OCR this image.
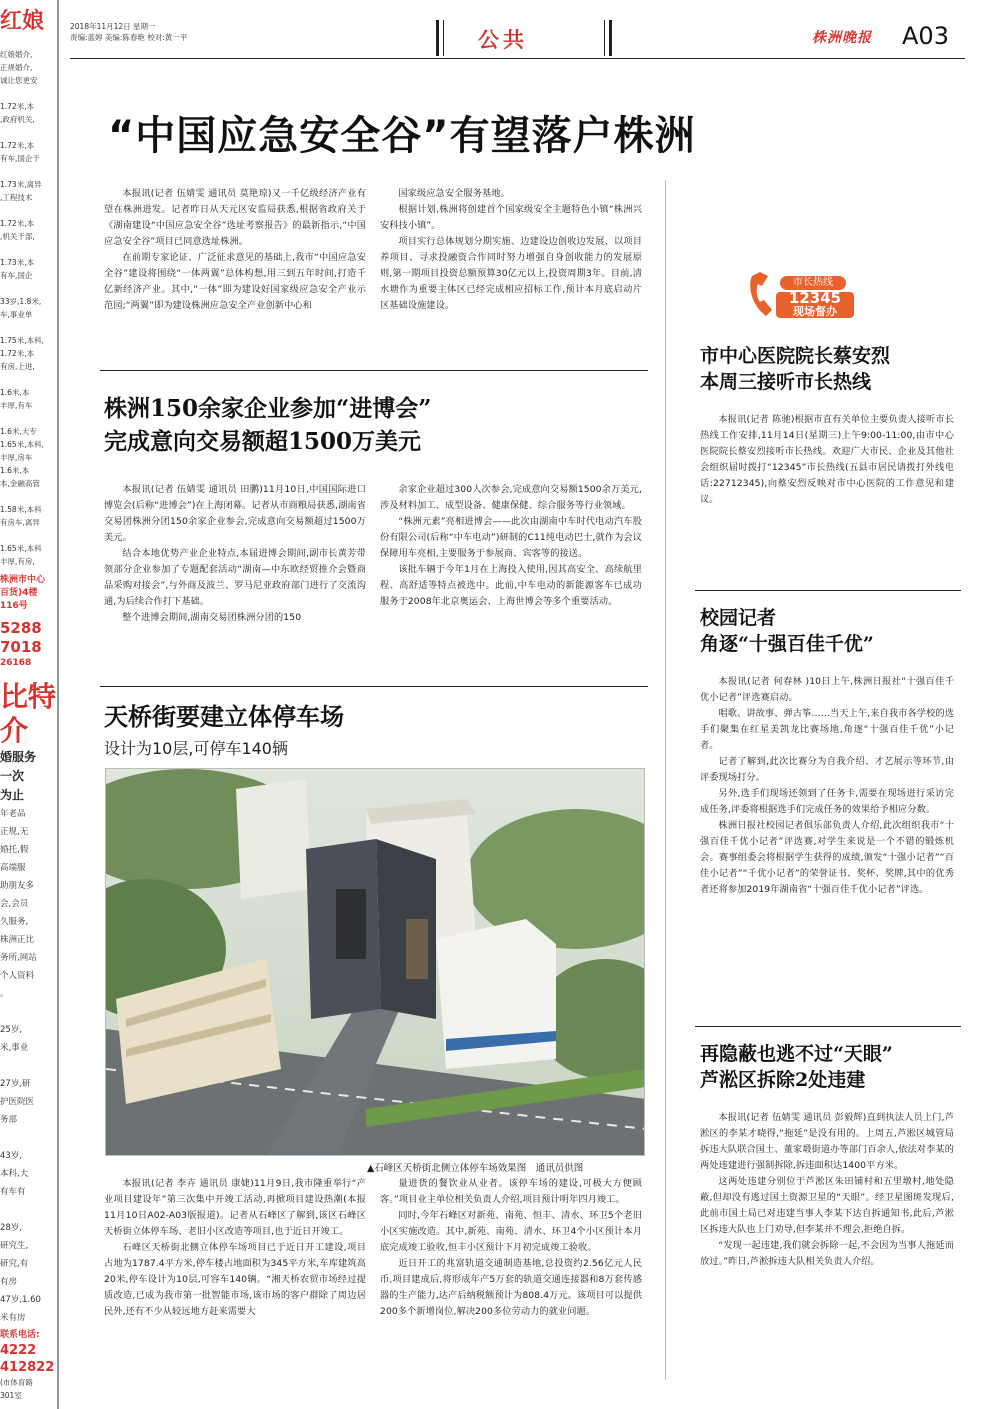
红娘
红娘婚介,
正规婚介,
诚让您更安

1.72米,本
,政府机关,

1.72米,本
有车,国企干

1.73米,离异
,工程技术

1.72米,本
,机关干部,

1.73米,本
有车,国企

33岁,1.8米,
车,事业单

1.75米,本科,
1.72米,本
有房,上进,

1.6米,本
丰厚,有车

1.6米,大专
1.65米,本科,
丰厚,房车
1.6米,本
本,金融高管

1.58米,本科
有房车,离异

1.65米,本科
丰厚,有房,
株洲市中心
百货)4楼
116号
5288
7018
26168
比特
介
婚服务
一次
为止
年老品
正规,无
婚托,假
高端服
助朋友多
会,会员
久服务,
株洲正比
务所,网站
个人资料
。

25岁,
米,事业

27岁,研
护医院医
务部

43岁,
本科,大
有车有

28岁,
研究生,
研究,有
有房
47岁,1.60
米有房
联系电话:
4222
412822
(市体育路
301室
2018年11月12日 星期一
责编:蓝婷 美编:陈春艳 校对:黄一平	公共	株洲晚报 A03
“中国应急安全谷”有望落户株洲

本报讯(记者 伍婧雯 通讯员 莫艳琼)又一千亿级经济产业有望在株洲进发。记者昨日从天元区安监局获悉,根据省政府关于《湖南建设“中国应急安全谷”选址考察报告》的最新指示,“中国应急安全谷”项目已同意选址株洲。

在前期专家论证、广泛征求意见的基础上,我市“中国应急安全谷”建设将围绕“一体两翼”总体构想,用三到五年时间,打造千亿新经济产业。其中,“一体”即为建设好国家级应急安全产业示范园;“两翼”即为建设株洲应急安全产业创新中心和

国家级应急安全服务基地。

根据计划,株洲将创建首个国家级安全主题特色小镇“株洲兴安科技小镇”。

项目实行总体规划分期实施、边建设边创收边发展、以项目养项目、寻求投融资合作同时努力增强自身创收能力的发展原则,第一期项目投资总额预算30亿元以上,投资周期3年。目前,清水塘作为重要主体区已经完成相应招标工作,预计本月底启动片区基础设施建设。

株洲150余家企业参加“进博会”
完成意向交易额超1500万美元

本报讯(记者 伍婧雯 通讯员 田鹏)11月10日,中国国际进口博览会(后称“进博会”)在上海闭幕。记者从市商粮局获悉,湖南省交易团株洲分团150余家企业参会,完成意向交易额超过1500万美元。

结合本地优势产业企业特点,本届进博会期间,副市长黄芳带领部分企业参加了专题配套活动“湖南—中东欧经贸推介会暨商品采购对接会”,与外商及波兰、罗马尼亚政府部门进行了交流沟通,为后续合作打下基础。

整个进博会期间,湖南交易团株洲分团的150

余家企业超过300人次参会,完成意向交易额1500余万美元,涉及材料加工、成型设备、健康保健、综合服务等行业领域。

“株洲元素”亮相进博会——此次由湖南中车时代电动汽车股份有限公司(后称“中车电动”)研制的C11纯电动巴士,就作为会议保障用车亮相,主要服务于参展商、宾客等的接送。

该批车辆于今年1月在上海投入使用,因其高安全、高续航里程、高舒适等特点被选中。此前,中车电动的新能源客车已成功服务于2008年北京奥运会、上海世博会等多个重要活动。

天桥街要建立体停车场
设计为10层,可停车140辆
▲石峰区天桥街北侧立体停车场效果图　通讯员供图

本报讯(记者 李卉 通讯员 康婕)11月9日,我市隆重举行“产业项目建设年”第三次集中开竣工活动,再掀项目建设热潮(本报11月10日A02-A03版报道)。记者从石峰区了解到,该区石峰区天桥街立体停车场、老旧小区改造等项目,也于近日开竣工。

石峰区天桥街北侧立体停车场项目已于近日开工建设,项目占地为1787.4平方米,停车楼占地面积为345平方米,车库建筑高20米,停车设计为10层,可容车140辆。“湘天桥农贸市场经过提质改造,已成为我市第一批智能市场,该市场的客户群除了周边居民外,还有不少从较远地方赶来需要大

量进货的餐饮业从业者。该停车场的建设,可极大方便顾客。”项目业主单位相关负责人介绍,项目预计明年四月竣工。

同时,今年石峰区对新苑、南苑、恒丰、清水、环卫5个老旧小区实施改造。其中,新苑、南苑、清水、环卫4个小区预计本月底完成竣工验收,恒丰小区预计下月初完成竣工验收。

近日开工的兆富轨道交通制造基地,总投资约2.56亿元人民币,项目建成后,将形成年产5万套的轨道交通连接器和8万套传感器的生产能力,达产后纳税额预计为808.4万元。该项目可以提供200多个新增岗位,解决200多位劳动力的就业问题。

市长热线
12345
现场督办
市中心医院院长蔡安烈
本周三接听市长热线

本报讯(记者 陈驰)根据市直有关单位主要负责人接听市长热线工作安排,11月14日(星期三)上午9:00-11:00,由市中心医院院长蔡安烈接听市长热线。欢迎广大市民、企业及其他社会组织届时拨打“12345”市长热线(五县市居民请拨打外线电话:22712345),向蔡安烈反映对市中心医院的工作意见和建议。

校园记者
角逐“十强百佳千优”

本报讯(记者 何春林 )10日上午,株洲日报社“十强百佳千优小记者”评选赛启动。

唱歌、讲故事、弹古筝……当天上午,来自我市各学校的选手们聚集在红星美凯龙比赛场地,角逐“十强百佳千优”小记者。

记者了解到,此次比赛分为自我介绍、才艺展示等环节,由评委现场打分。

另外,选手们现场还领到了任务卡,需要在现场进行采访完成任务,评委将根据选手们完成任务的效果给予相应分数。

株洲日报社校园记者俱乐部负责人介绍,此次组织我市“十强百佳千优小记者”评选赛,对学生来说是一个不错的锻炼机会。赛事组委会将根据学生获得的成绩,颁发“十强小记者”“百佳小记者”“千优小记者”的荣誉证书、奖杯、奖牌,其中的优秀者还将参加2019年湖南省“十强百佳千优小记者”评选。

再隐蔽也逃不过“天眼”
芦淞区拆除2处违建

本报讯(记者 伍婧雯 通讯员 彭毅辉)直到执法人员上门,芦淞区的李某才晓得,“拖延”是没有用的。上周五,芦淞区城管局拆违大队联合国土、董家塅街道办等部门百余人,依法对李某的两处违建进行强制拆除,拆违面积达1400平方米。

这两处违建分别位于芦淞区朱田铺村和五里墩村,地处隐蔽,但却没有逃过国土资源卫星的“天眼”。经卫星图斑发现后,此前市国土局已对违建当事人李某下达自拆通知书,此后,芦淞区拆违大队也上门劝导,但李某并不理会,拒绝自拆。

“发现一起违建,我们就会拆除一起,不会因为当事人拖延而放过。”昨日,芦淞拆违大队相关负责人介绍。
